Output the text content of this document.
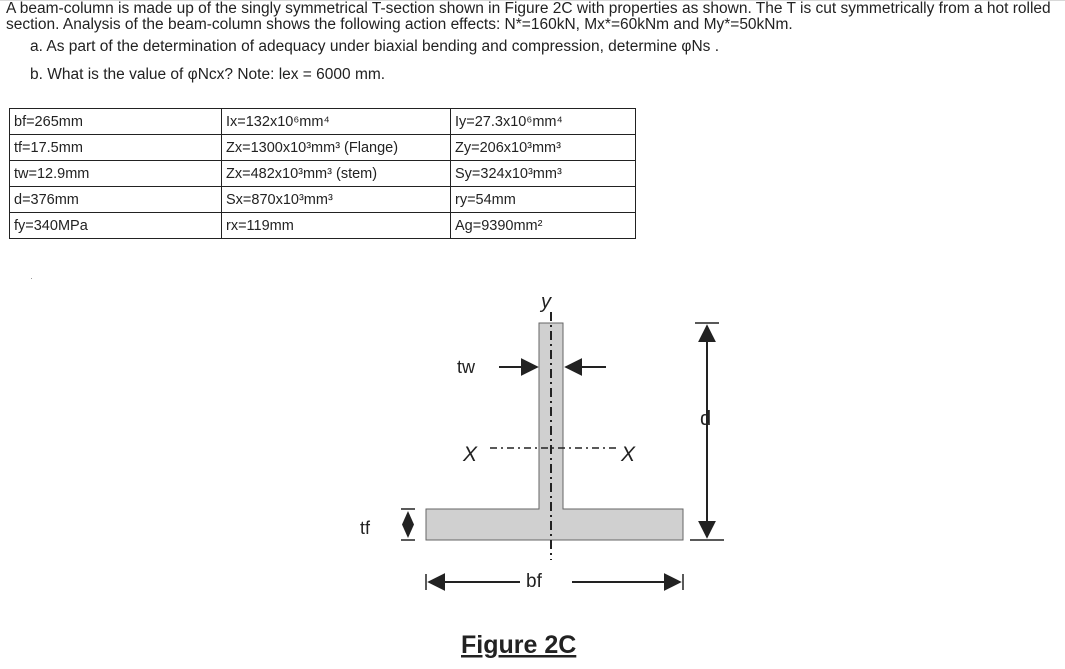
A beam-column is made up of the singly symmetrical T-section shown in Figure 2C with properties as shown. The T is cut symmetrically from a hot rolled section. Analysis of the beam-column shows the following action effects: N*=160kN, Mx*=60kNm and My*=50kNm.

a. As part of the determination of adequacy under biaxial bending and compression, determine φNs .

b. What is the value of φNcx? Note: lex = 6000 mm.

bf=265mm	Ix=132x10⁶mm⁴	Iy=27.3x10⁶mm⁴
tf=17.5mm	Zx=1300x10³mm³ (Flange)	Zy=206x10³mm³
tw=12.9mm	Zx=482x10³mm³ (stem)	Sy=324x10³mm³
d=376mm	Sx=870x10³mm³	ry=54mm
fy=340MPa	rx=119mm	Ag=9390mm²
y
X	X
tw
tf
d
bf
Figure 2C
